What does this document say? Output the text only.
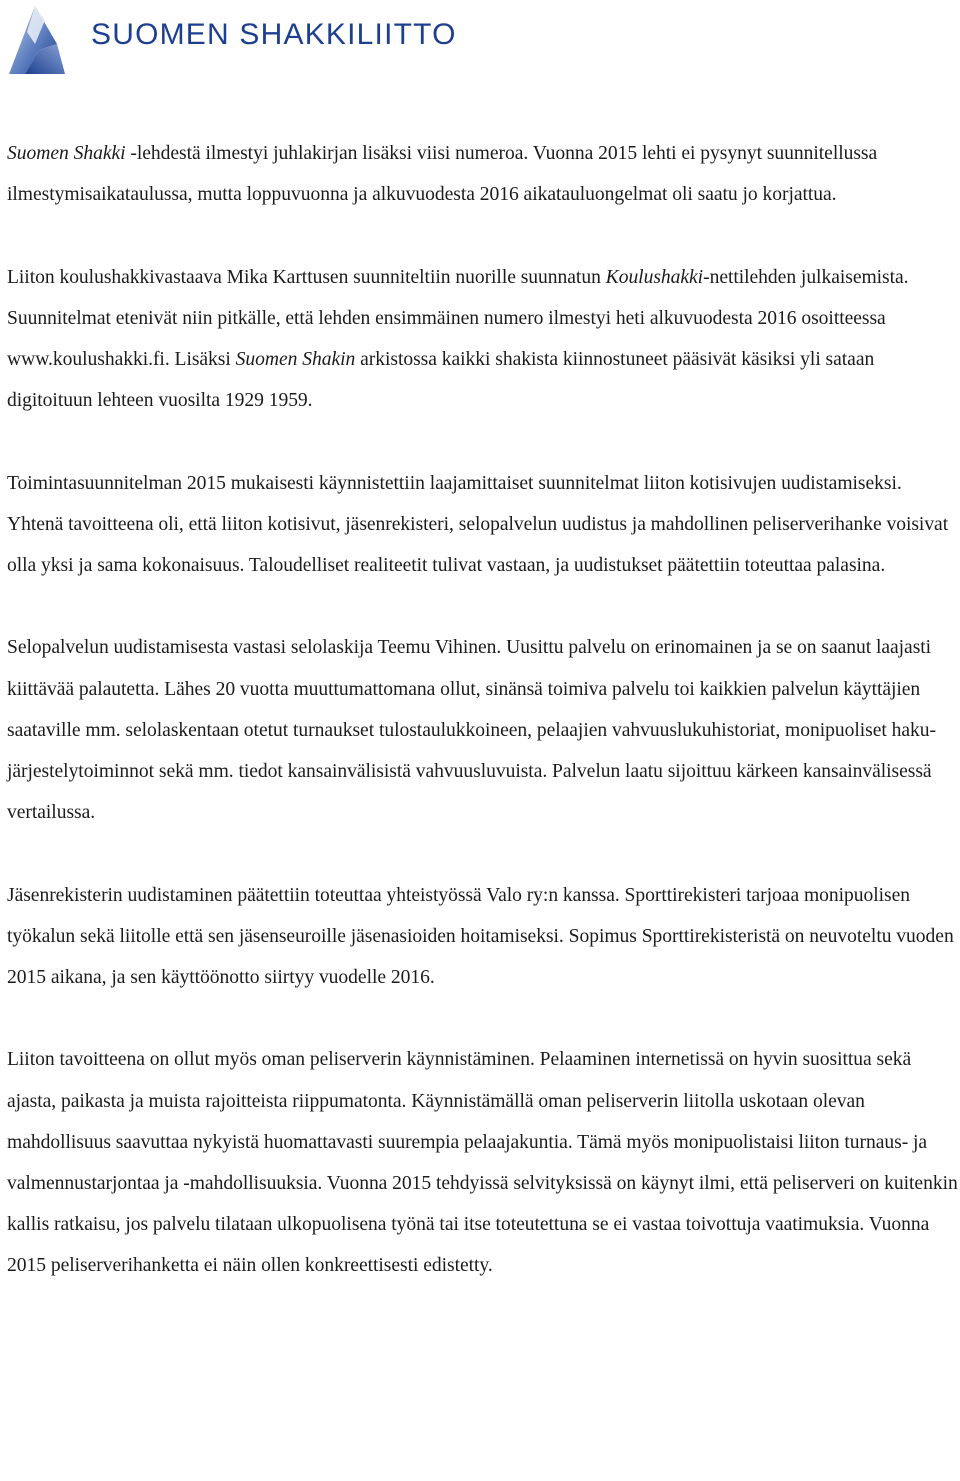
SUOMEN SHAKKILIITTO

Suomen Shakki -lehdestä ilmestyi juhlakirjan lisäksi viisi numeroa. Vuonna 2015 lehti ei pysynyt suunnitellussa ilmestymisaikataulussa, mutta loppuvuonna ja alkuvuodesta 2016 aikatauluongelmat oli saatu jo korjattua.

Liiton koulushakkivastaava Mika Karttusen suunniteltiin nuorille suunnatun Koulushakki-nettilehden julkaisemista. Suunnitelmat etenivät niin pitkälle, että lehden ensimmäinen numero ilmestyi heti alkuvuodesta 2016 osoitteessa www.koulushakki.fi. Lisäksi Suomen Shakin arkistossa kaikki shakista kiinnostuneet pääsivät käsiksi yli sataan digitoituun lehteen vuosilta 1929 1959.

Toimintasuunnitelman 2015 mukaisesti käynnistettiin laajamittaiset suunnitelmat liiton kotisivujen uudistamiseksi. Yhtenä tavoitteena oli, että liiton kotisivut, jäsenrekisteri, selopalvelun uudistus ja mahdollinen peliserverihanke voisivat olla yksi ja sama kokonaisuus. Taloudelliset realiteetit tulivat vastaan, ja uudistukset päätettiin toteuttaa palasina.

Selopalvelun uudistamisesta vastasi selolaskija Teemu Vihinen. Uusittu palvelu on erinomainen ja se on saanut laajasti kiittävää palautetta. Lähes 20 vuotta muuttumattomana ollut, sinänsä toimiva palvelu toi kaikkien palvelun käyttäjien saataville mm. selolaskentaan otetut turnaukset tulostaulukkoineen, pelaajien vahvuuslukuhistoriat, monipuoliset haku- järjestelytoiminnot sekä mm. tiedot kansainvälisistä vahvuusluvuista. Palvelun laatu sijoittuu kärkeen kansainvälisessä vertailussa.

Jäsenrekisterin uudistaminen päätettiin toteuttaa yhteistyössä Valo ry:n kanssa. Sporttirekisteri tarjoaa monipuolisen työkalun sekä liitolle että sen jäsenseuroille jäsenasioiden hoitamiseksi. Sopimus Sporttirekisteristä on neuvoteltu vuoden 2015 aikana, ja sen käyttöönotto siirtyy vuodelle 2016.

Liiton tavoitteena on ollut myös oman peliserverin käynnistäminen. Pelaaminen internetissä on hyvin suosittua sekä ajasta, paikasta ja muista rajoitteista riippumatonta. Käynnistämällä oman peliserverin liitolla uskotaan olevan mahdollisuus saavuttaa nykyistä huomattavasti suurempia pelaajakuntia. Tämä myös monipuolistaisi liiton turnaus- ja valmennustarjontaa ja -mahdollisuuksia. Vuonna 2015 tehdyissä selvityksissä on käynyt ilmi, että peliserveri on kuitenkin kallis ratkaisu, jos palvelu tilataan ulkopuolisena työnä tai itse toteutettuna se ei vastaa toivottuja vaatimuksia. Vuonna 2015 peliserverihanketta ei näin ollen konkreettisesti edistetty.
